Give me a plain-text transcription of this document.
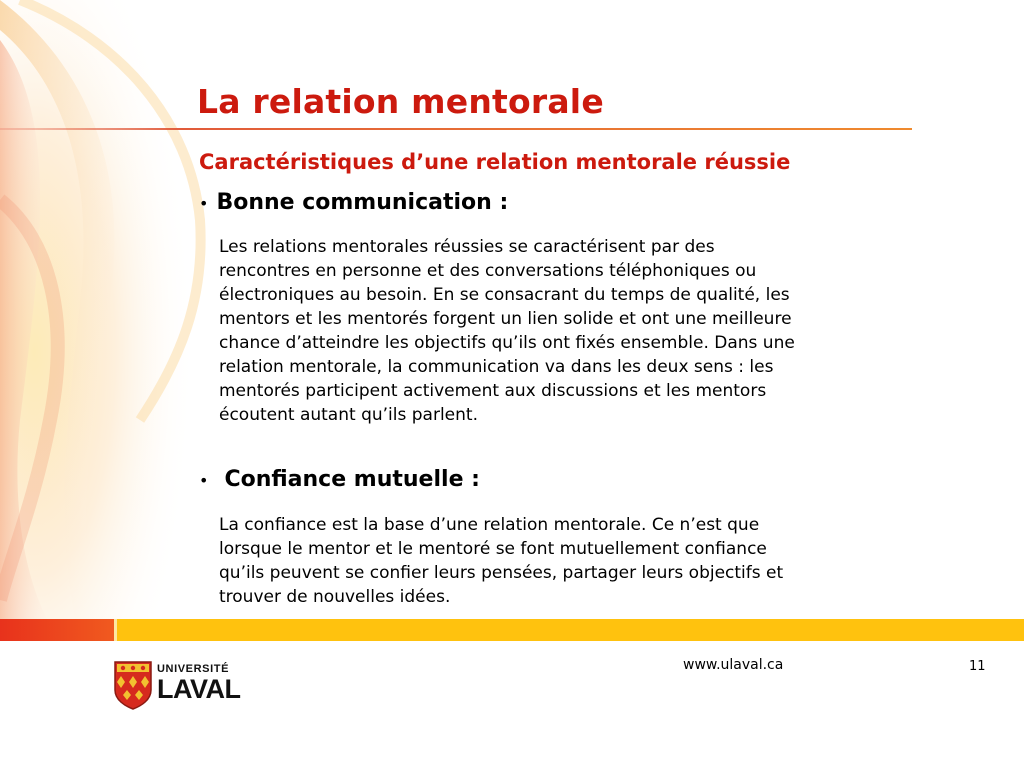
La relation mentorale
Caractéristiques d’une relation mentorale réussie
• Bonne communication :
Les relations mentorales réussies se caractérisent par des
rencontres en personne et des conversations téléphoniques ou
électroniques au besoin. En se consacrant du temps de qualité, les
mentors et les mentorés forgent un lien solide et ont une meilleure
chance d’atteindre les objectifs qu’ils ont fixés ensemble. Dans une
relation mentorale, la communication va dans les deux sens : les
mentorés participent activement aux discussions et les mentors
écoutent autant qu’ils parlent.
• Confiance mutuelle :
La confiance est la base d’une relation mentorale. Ce n’est que
lorsque le mentor et le mentoré se font mutuellement confiance
qu’ils peuvent se confier leurs pensées, partager leurs objectifs et
trouver de nouvelles idées.
UNIVERSITÉ
LAVAL
www.ulaval.ca	11
